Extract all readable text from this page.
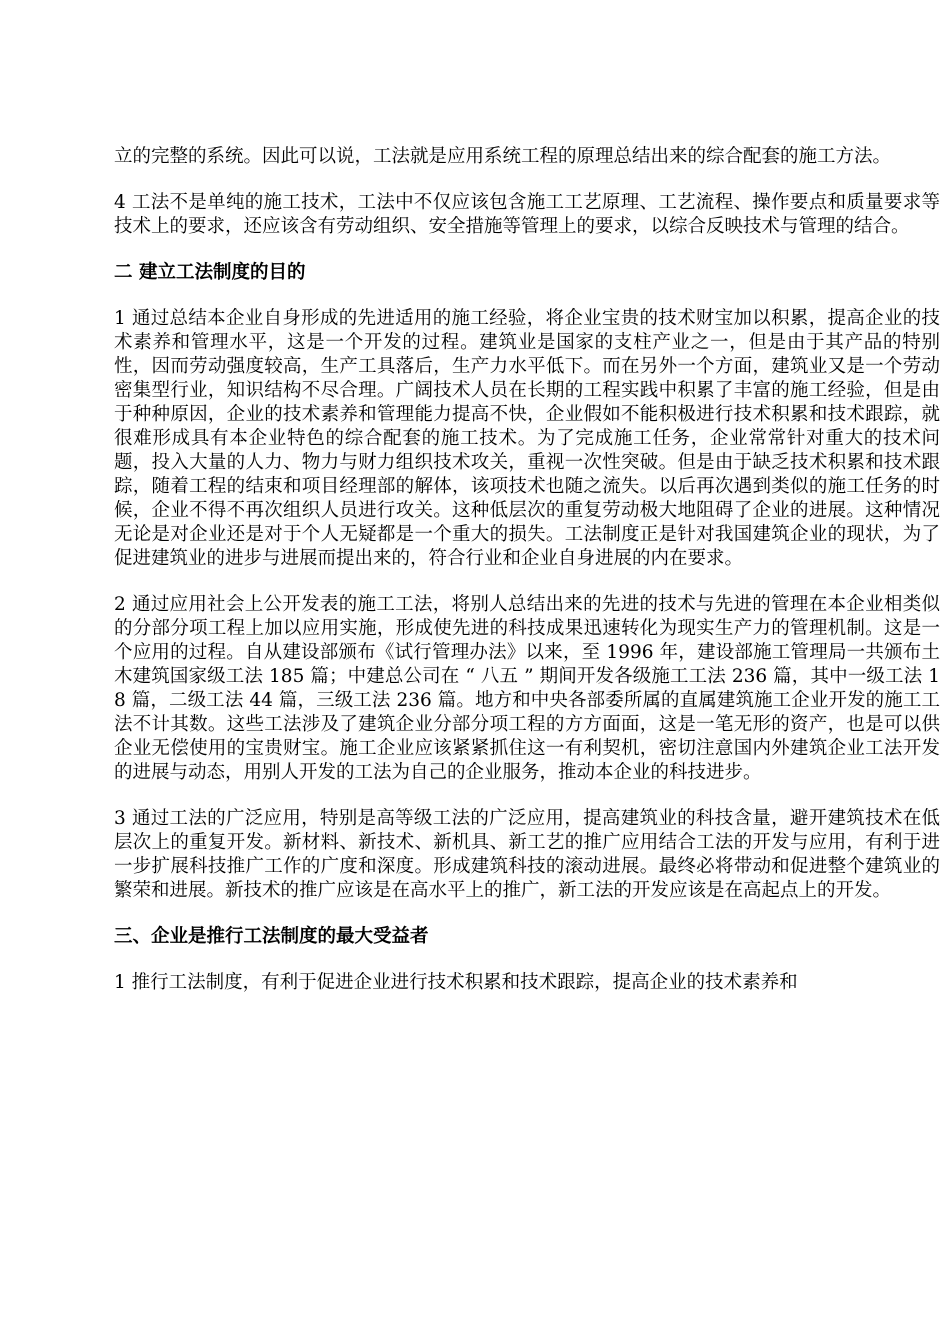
立的完整的系统。因此可以说，工法就是应用系统工程的原理总结出来的综合配套的施工方法。

4 工法不是单纯的施工技术，工法中不仅应该包含施工工艺原理、工艺流程、操作要点和质量要求等技术上的要求，还应该含有劳动组织、安全措施等管理上的要求，以综合反映技术与管理的结合。

二 建立工法制度的目的

1 通过总结本企业自身形成的先进适用的施工经验，将企业宝贵的技术财宝加以积累，提高企业的技术素养和管理水平，这是一个开发的过程。建筑业是国家的支柱产业之一，但是由于其产品的特别性，因而劳动强度较高，生产工具落后，生产力水平低下。而在另外一个方面，建筑业又是一个劳动密集型行业，知识结构不尽合理。广阔技术人员在长期的工程实践中积累了丰富的施工经验，但是由于种种原因，企业的技术素养和管理能力提高不快，企业假如不能积极进行技术积累和技术跟踪，就很难形成具有本企业特色的综合配套的施工技术。为了完成施工任务，企业常常针对重大的技术问题，投入大量的人力、物力与财力组织技术攻关，重视一次性突破。但是由于缺乏技术积累和技术跟踪，随着工程的结束和项目经理部的解体，该项技术也随之流失。以后再次遇到类似的施工任务的时候，企业不得不再次组织人员进行攻关。这种低层次的重复劳动极大地阻碍了企业的进展。这种情况无论是对企业还是对于个人无疑都是一个重大的损失。工法制度正是针对我国建筑企业的现状，为了促进建筑业的进步与进展而提出来的，符合行业和企业自身进展的内在要求。

2 通过应用社会上公开发表的施工工法，将别人总结出来的先进的技术与先进的管理在本企业相类似的分部分项工程上加以应用实施，形成使先进的科技成果迅速转化为现实生产力的管理机制。这是一个应用的过程。自从建设部颁布《试行管理办法》以来，至 1996 年，建设部施工管理局一共颁布土木建筑国家级工法 185 篇；中建总公司在 “ 八五 ” 期间开发各级施工工法 236 篇，其中一级工法 18 篇，二级工法 44 篇，三级工法 236 篇。地方和中央各部委所属的直属建筑施工企业开发的施工工法不计其数。这些工法涉及了建筑企业分部分项工程的方方面面，这是一笔无形的资产，也是可以供企业无偿使用的宝贵财宝。施工企业应该紧紧抓住这一有利契机，密切注意国内外建筑企业工法开发的进展与动态，用别人开发的工法为自己的企业服务，推动本企业的科技进步。

3 通过工法的广泛应用，特别是高等级工法的广泛应用，提高建筑业的科技含量，避开建筑技术在低层次上的重复开发。新材料、新技术、新机具、新工艺的推广应用结合工法的开发与应用，有利于进一步扩展科技推广工作的广度和深度。形成建筑科技的滚动进展。最终必将带动和促进整个建筑业的繁荣和进展。新技术的推广应该是在高水平上的推广，新工法的开发应该是在高起点上的开发。

三、企业是推行工法制度的最大受益者

1 推行工法制度，有利于促进企业进行技术积累和技术跟踪，提高企业的技术素养和
